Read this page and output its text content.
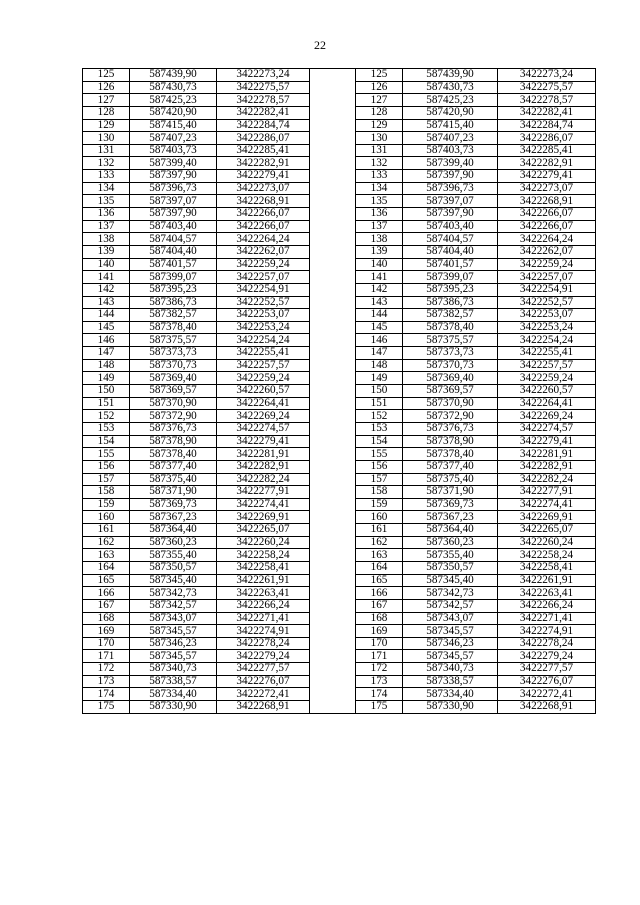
22
125	587439,90	3422273,24		125	587439,90	3422273,24
126	587430,73	3422275,57		126	587430,73	3422275,57
127	587425,23	3422278,57		127	587425,23	3422278,57
128	587420,90	3422282,41		128	587420,90	3422282,41
129	587415,40	3422284,74		129	587415,40	3422284,74
130	587407,23	3422286,07		130	587407,23	3422286,07
131	587403,73	3422285,41		131	587403,73	3422285,41
132	587399,40	3422282,91		132	587399,40	3422282,91
133	587397,90	3422279,41		133	587397,90	3422279,41
134	587396,73	3422273,07		134	587396,73	3422273,07
135	587397,07	3422268,91		135	587397,07	3422268,91
136	587397,90	3422266,07		136	587397,90	3422266,07
137	587403,40	3422266,07		137	587403,40	3422266,07
138	587404,57	3422264,24		138	587404,57	3422264,24
139	587404,40	3422262,07		139	587404,40	3422262,07
140	587401,57	3422259,24		140	587401,57	3422259,24
141	587399,07	3422257,07		141	587399,07	3422257,07
142	587395,23	3422254,91		142	587395,23	3422254,91
143	587386,73	3422252,57		143	587386,73	3422252,57
144	587382,57	3422253,07		144	587382,57	3422253,07
145	587378,40	3422253,24		145	587378,40	3422253,24
146	587375,57	3422254,24		146	587375,57	3422254,24
147	587373,73	3422255,41		147	587373,73	3422255,41
148	587370,73	3422257,57		148	587370,73	3422257,57
149	587369,40	3422259,24		149	587369,40	3422259,24
150	587369,57	3422260,57		150	587369,57	3422260,57
151	587370,90	3422264,41		151	587370,90	3422264,41
152	587372,90	3422269,24		152	587372,90	3422269,24
153	587376,73	3422274,57		153	587376,73	3422274,57
154	587378,90	3422279,41		154	587378,90	3422279,41
155	587378,40	3422281,91		155	587378,40	3422281,91
156	587377,40	3422282,91		156	587377,40	3422282,91
157	587375,40	3422282,24		157	587375,40	3422282,24
158	587371,90	3422277,91		158	587371,90	3422277,91
159	587369,73	3422274,41		159	587369,73	3422274,41
160	587367,23	3422269,91		160	587367,23	3422269,91
161	587364,40	3422265,07		161	587364,40	3422265,07
162	587360,23	3422260,24		162	587360,23	3422260,24
163	587355,40	3422258,24		163	587355,40	3422258,24
164	587350,57	3422258,41		164	587350,57	3422258,41
165	587345,40	3422261,91		165	587345,40	3422261,91
166	587342,73	3422263,41		166	587342,73	3422263,41
167	587342,57	3422266,24		167	587342,57	3422266,24
168	587343,07	3422271,41		168	587343,07	3422271,41
169	587345,57	3422274,91		169	587345,57	3422274,91
170	587346,23	3422278,24		170	587346,23	3422278,24
171	587345,57	3422279,24		171	587345,57	3422279,24
172	587340,73	3422277,57		172	587340,73	3422277,57
173	587338,57	3422276,07		173	587338,57	3422276,07
174	587334,40	3422272,41		174	587334,40	3422272,41
175	587330,90	3422268,91		175	587330,90	3422268,91
